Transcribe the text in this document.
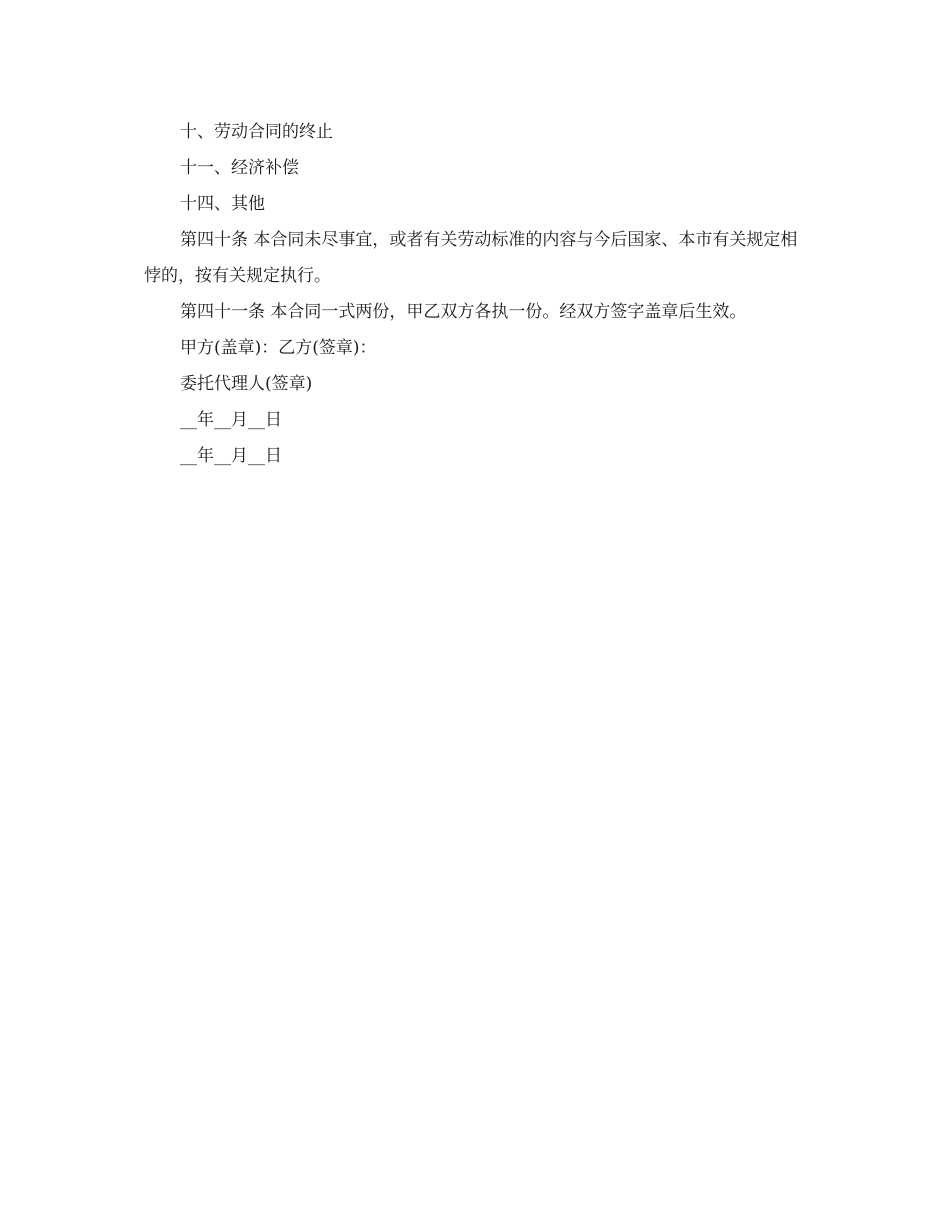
十、劳动合同的终止

十一、经济补偿

十四、其他

第四十条 本合同未尽事宜，或者有关劳动标准的内容与今后国家、本市有关规定相悖的，按有关规定执行。

第四十一条 本合同一式两份，甲乙双方各执一份。经双方签字盖章后生效。

甲方(盖章)：乙方(签章)：

委托代理人(签章)

__年__月__日

__年__月__日
